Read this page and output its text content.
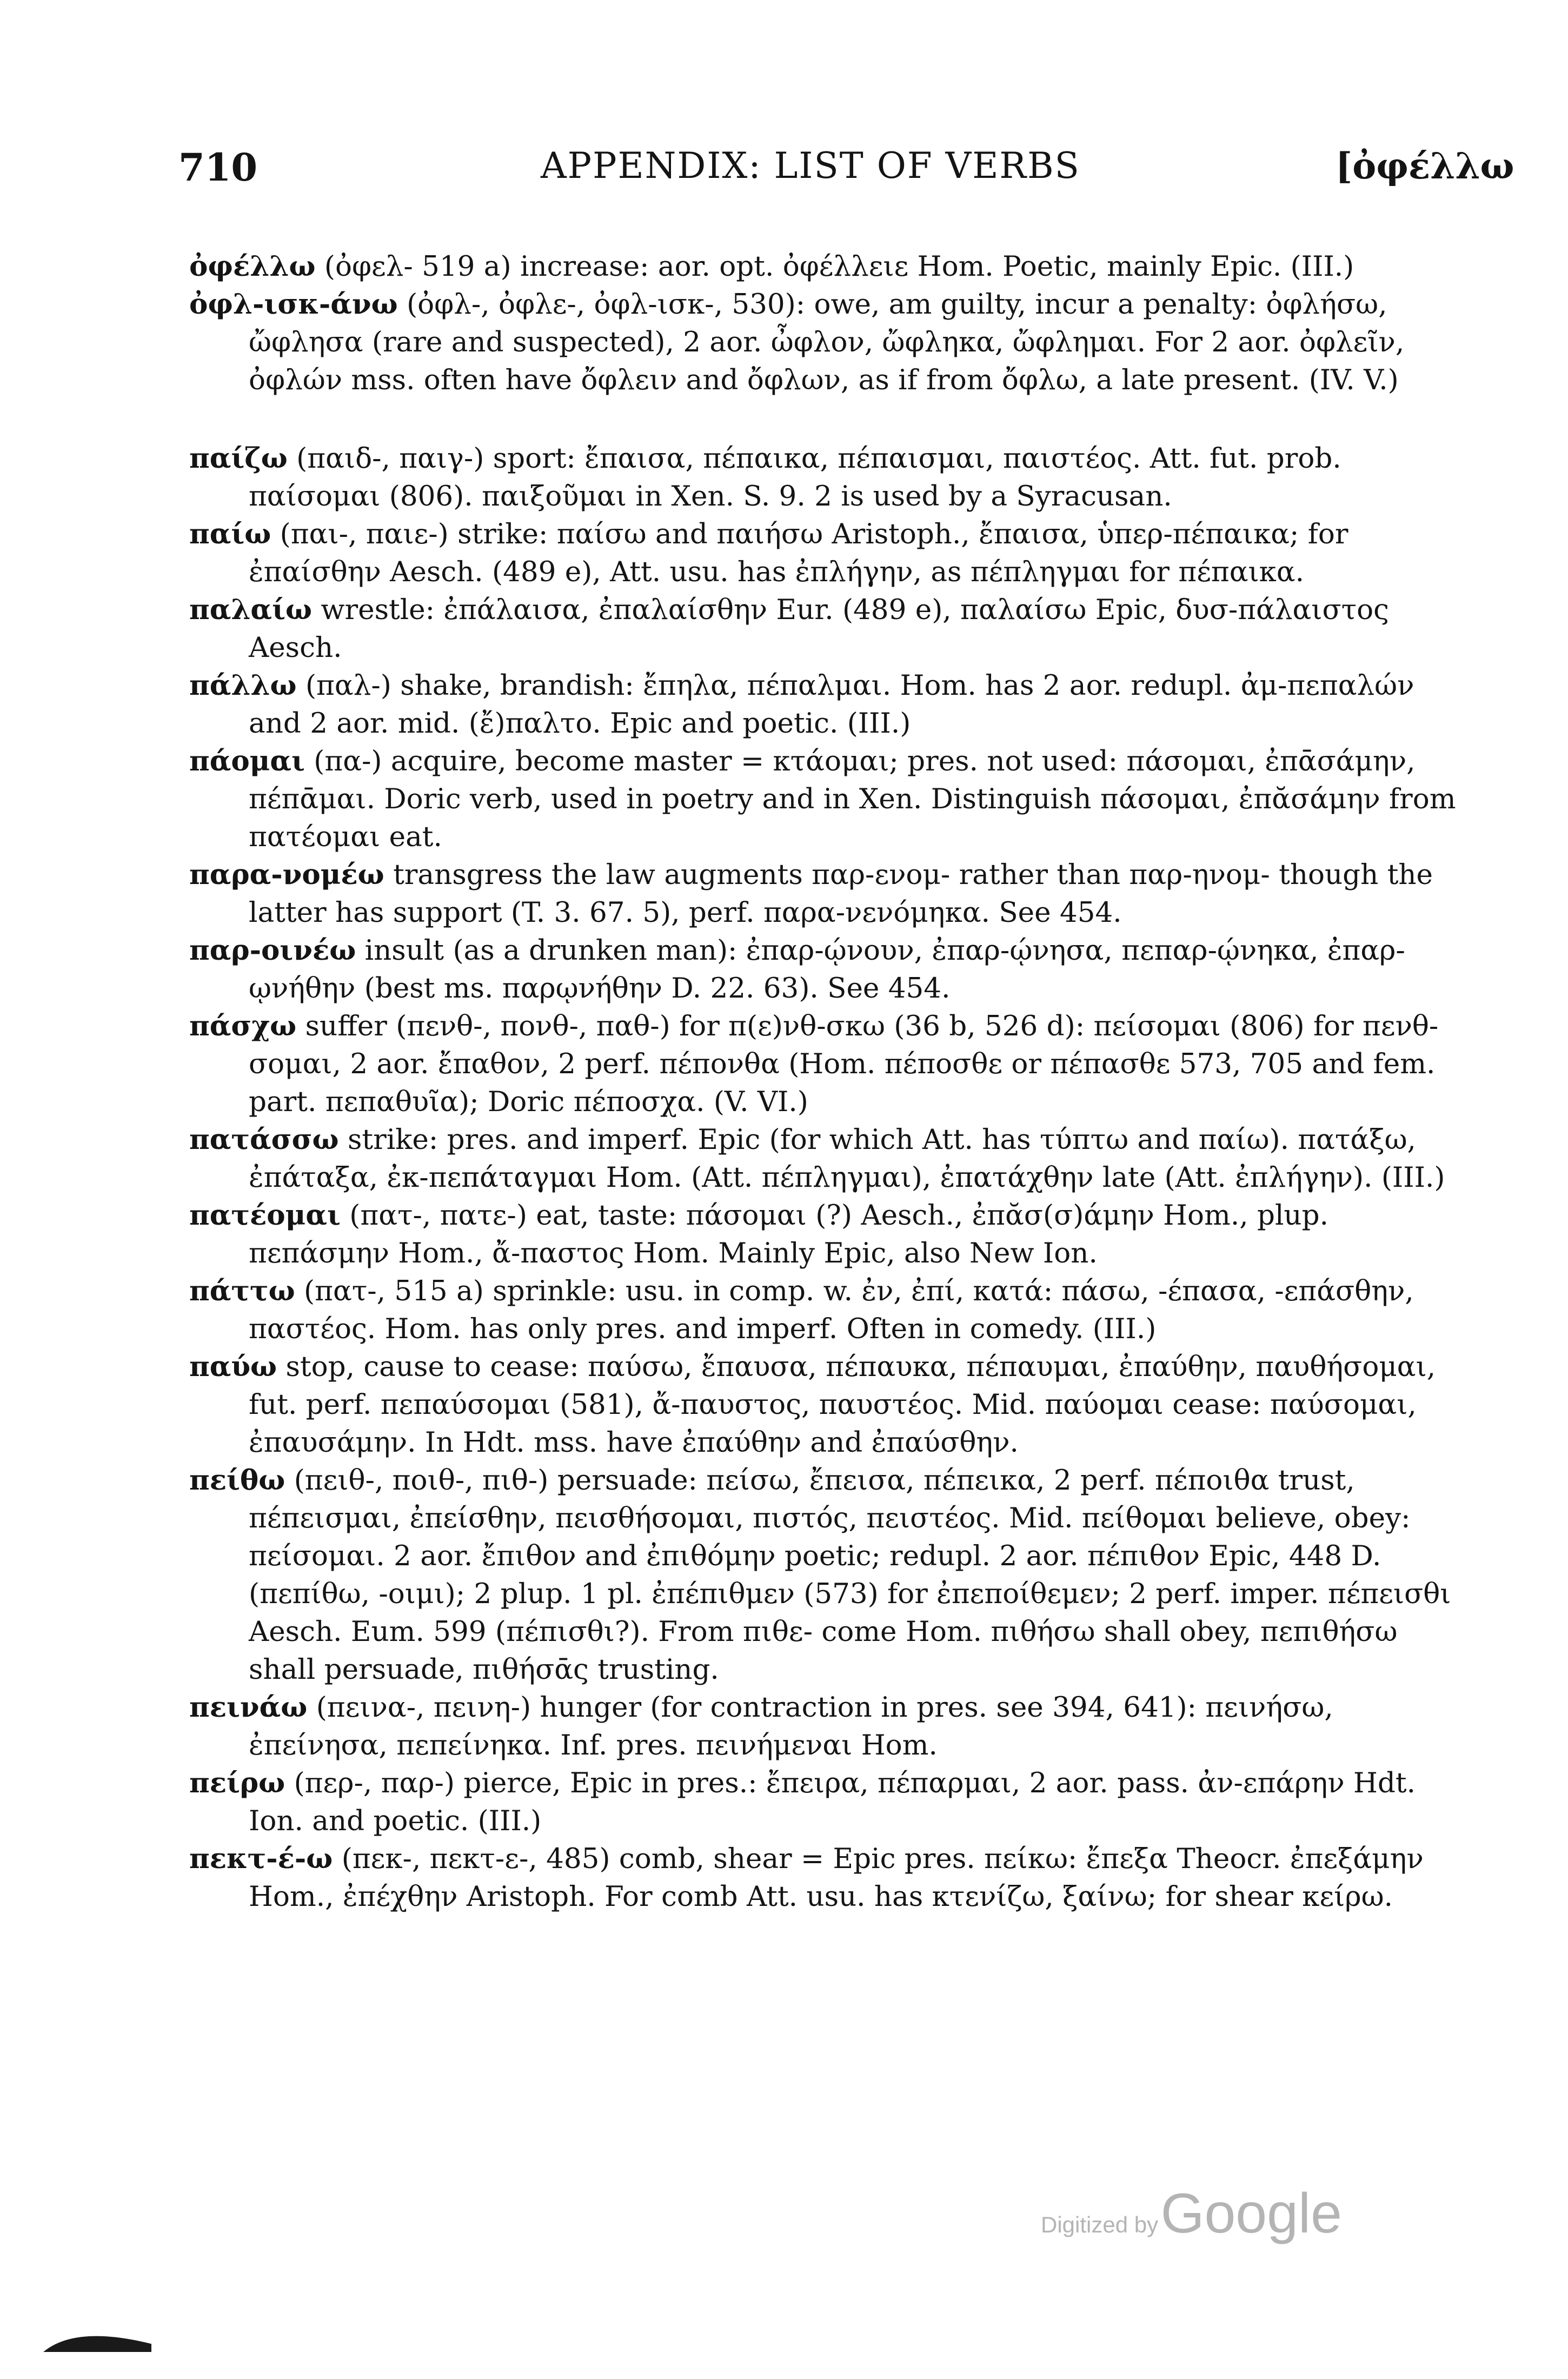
710	APPENDIX: LIST OF VERBS	[ὀφέλλω

ὀφέλλω (ὀφελ- 519 a) increase: aor. opt. ὀφέλλειε Hom. Poetic, mainly Epic. (III.)

ὀφλ-ισκ-άνω (ὀφλ-, ὀφλε-, ὀφλ-ισκ-, 530): owe, am guilty, incur a penalty: ὀφλήσω, ὤφλησα (rare and suspected), 2 aor. ὦφλον, ὤφληκα, ὤφλημαι. For 2 aor. ὀφλεῖν, ὀφλών mss. often have ὄφλειν and ὄφλων, as if from ὄφλω, a late present. (IV. V.)

παίζω (παιδ-, παιγ-) sport: ἔπαισα, πέπαικα, πέπαισμαι, παιστέος. Att. fut. prob. παίσομαι (806). παιξοῦμαι in Xen. S. 9. 2 is used by a Syracusan.

παίω (παι-, παιε-) strike: παίσω and παιήσω Aristoph., ἔπαισα, ὑπερ-πέπαικα; for ἐπαίσθην Aesch. (489 e), Att. usu. has ἐπλήγην, as πέπληγμαι for πέπαικα.

παλαίω wrestle: ἐπάλαισα, ἐπαλαίσθην Eur. (489 e), παλαίσω Epic, δυσ-πάλαιστος Aesch.

πάλλω (παλ-) shake, brandish: ἔπηλα, πέπαλμαι. Hom. has 2 aor. redupl. ἀμ-πεπαλών and 2 aor. mid. (ἔ)παλτο. Epic and poetic. (III.)

πάομαι (πα-) acquire, become master = κτάομαι; pres. not used: πάσομαι, ἐπᾱσάμην, πέπᾱμαι. Doric verb, used in poetry and in Xen. Distinguish πάσομαι, ἐπᾰσάμην from πατέομαι eat.

παρα-νομέω transgress the law augments παρ-ενομ- rather than παρ-ηνομ- though the latter has support (T. 3. 67. 5), perf. παρα-νενόμηκα. See 454.

παρ-οινέω insult (as a drunken man): ἐπαρ-ῴνουν, ἐπαρ-ῴνησα, πεπαρ-ῴνηκα, ἐπαρ-ῳνήθην (best ms. παρῳνήθην D. 22. 63). See 454.

πάσχω suffer (πενθ-, πονθ-, παθ-) for π(ε)νθ-σκω (36 b, 526 d): πείσομαι (806) for πενθ-σομαι, 2 aor. ἔπαθον, 2 perf. πέπονθα (Hom. πέποσθε or πέπασθε 573, 705 and fem. part. πεπαθυῖα); Doric πέποσχα. (V. VI.)

πατάσσω strike: pres. and imperf. Epic (for which Att. has τύπτω and παίω). πατάξω, ἐπάταξα, ἐκ-πεπάταγμαι Hom. (Att. πέπληγμαι), ἐπατάχθην late (Att. ἐπλήγην). (III.)

πατέομαι (πατ-, πατε-) eat, taste: πάσομαι (?) Aesch., ἐπᾰσ(σ)άμην Hom., plup. πεπάσμην Hom., ἄ-παστος Hom. Mainly Epic, also New Ion.

πάττω (πατ-, 515 a) sprinkle: usu. in comp. w. ἐν, ἐπί, κατά: πάσω, -έπασα, -επάσθην, παστέος. Hom. has only pres. and imperf. Often in comedy. (III.)

παύω stop, cause to cease: παύσω, ἔπαυσα, πέπαυκα, πέπαυμαι, ἐπαύθην, παυθήσομαι, fut. perf. πεπαύσομαι (581), ἄ-παυστος, παυστέος. Mid. παύομαι cease: παύσομαι, ἐπαυσάμην. In Hdt. mss. have ἐπαύθην and ἐπαύσθην.

πείθω (πειθ-, ποιθ-, πιθ-) persuade: πείσω, ἔπεισα, πέπεικα, 2 perf. πέποιθα trust, πέπεισμαι, ἐπείσθην, πεισθήσομαι, πιστός, πειστέος. Mid. πείθομαι believe, obey: πείσομαι. 2 aor. ἔπιθον and ἐπιθόμην poetic; redupl. 2 aor. πέπιθον Epic, 448 D. (πεπίθω, -οιμι); 2 plup. 1 pl. ἐπέπιθμεν (573) for ἐπεποίθεμεν; 2 perf. imper. πέπεισθι Aesch. Eum. 599 (πέπισθι?). From πιθε- come Hom. πιθήσω shall obey, πεπιθήσω shall persuade, πιθήσᾱς trusting.

πεινάω (πεινα-, πεινη-) hunger (for contraction in pres. see 394, 641): πεινήσω, ἐπείνησα, πεπείνηκα. Inf. pres. πεινήμεναι Hom.

πείρω (περ-, παρ-) pierce, Epic in pres.: ἔπειρα, πέπαρμαι, 2 aor. pass. ἀν-επάρην Hdt. Ion. and poetic. (III.)

πεκτ-έ-ω (πεκ-, πεκτ-ε-, 485) comb, shear = Epic pres. πείκω: ἔπεξα Theocr. ἐπεξάμην Hom., ἐπέχθην Aristoph. For comb Att. usu. has κτενίζω, ξαίνω; for shear κείρω.

Digitized by Google
